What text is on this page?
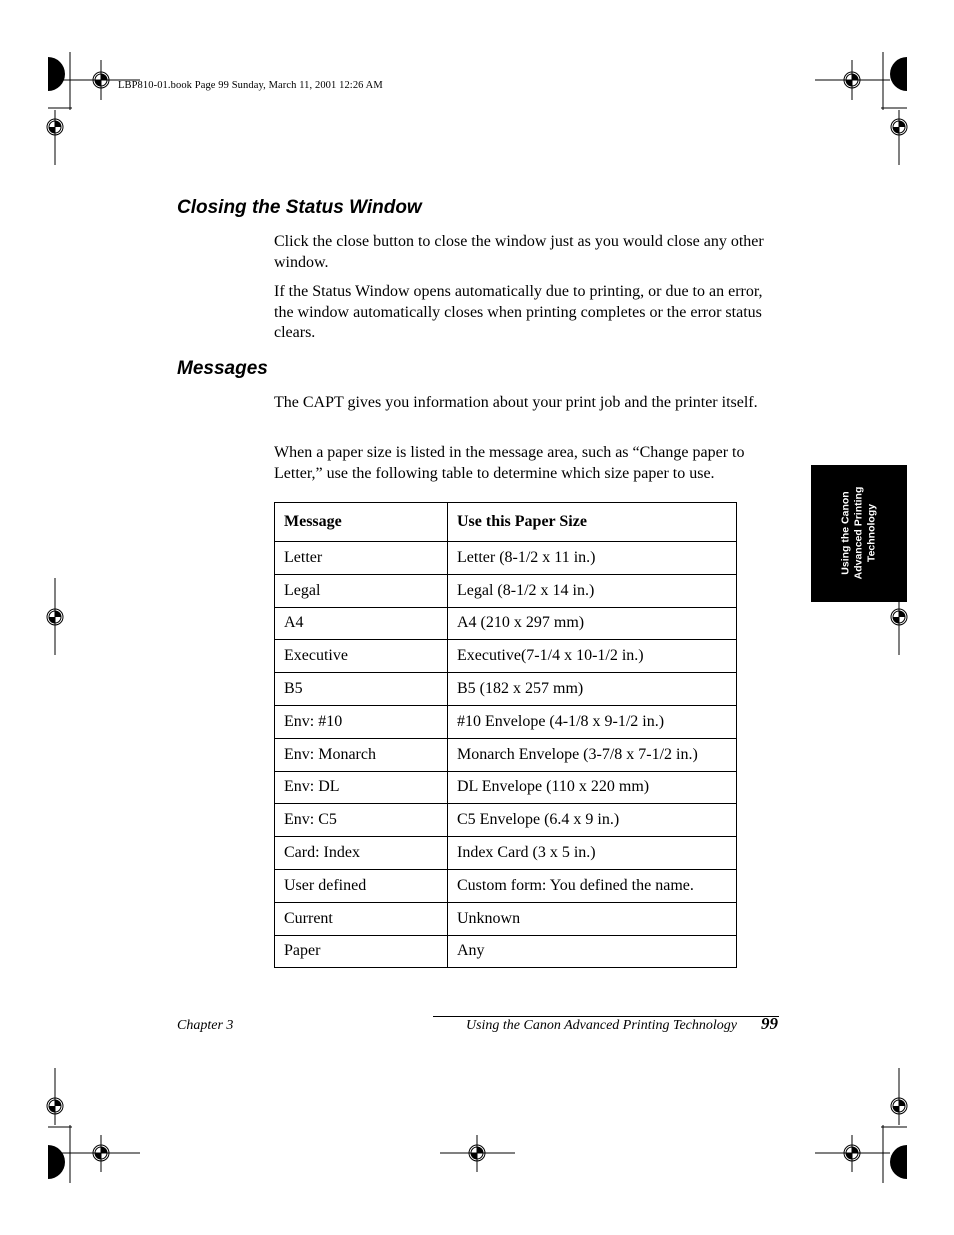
LBP810-01.book Page 99 Sunday, March 11, 2001 12:26 AM
Closing the Status Window

Click the close button to close the window just as you would close any other window.

If the Status Window opens automatically due to printing, or due to an error, the window automatically closes when printing completes or the error status clears.

Messages

The CAPT gives you information about your print job and the printer itself.

When a paper size is listed in the message area, such as “Change paper to Letter,” use the following table to determine which size paper to use.

Message	Use this Paper Size
Letter	Letter (8-1/2 x 11 in.)
Legal	Legal (8-1/2 x 14 in.)
A4	A4 (210 x 297 mm)
Executive	Executive(7-1/4 x 10-1/2 in.)
B5	B5 (182 x 257 mm)
Env: #10	#10 Envelope (4-1/8 x 9-1/2 in.)
Env: Monarch	Monarch Envelope (3-7/8 x 7-1/2 in.)
Env: DL	DL Envelope (110 x 220 mm)
Env: C5	C5 Envelope (6.4 x 9 in.)
Card: Index	Index Card (3 x 5 in.)
User defined	Custom form: You defined the name.
Current	Unknown
Paper	Any
Using the Canon Advanced Printing Technology
Chapter 3	Using the Canon Advanced Printing Technology 99
